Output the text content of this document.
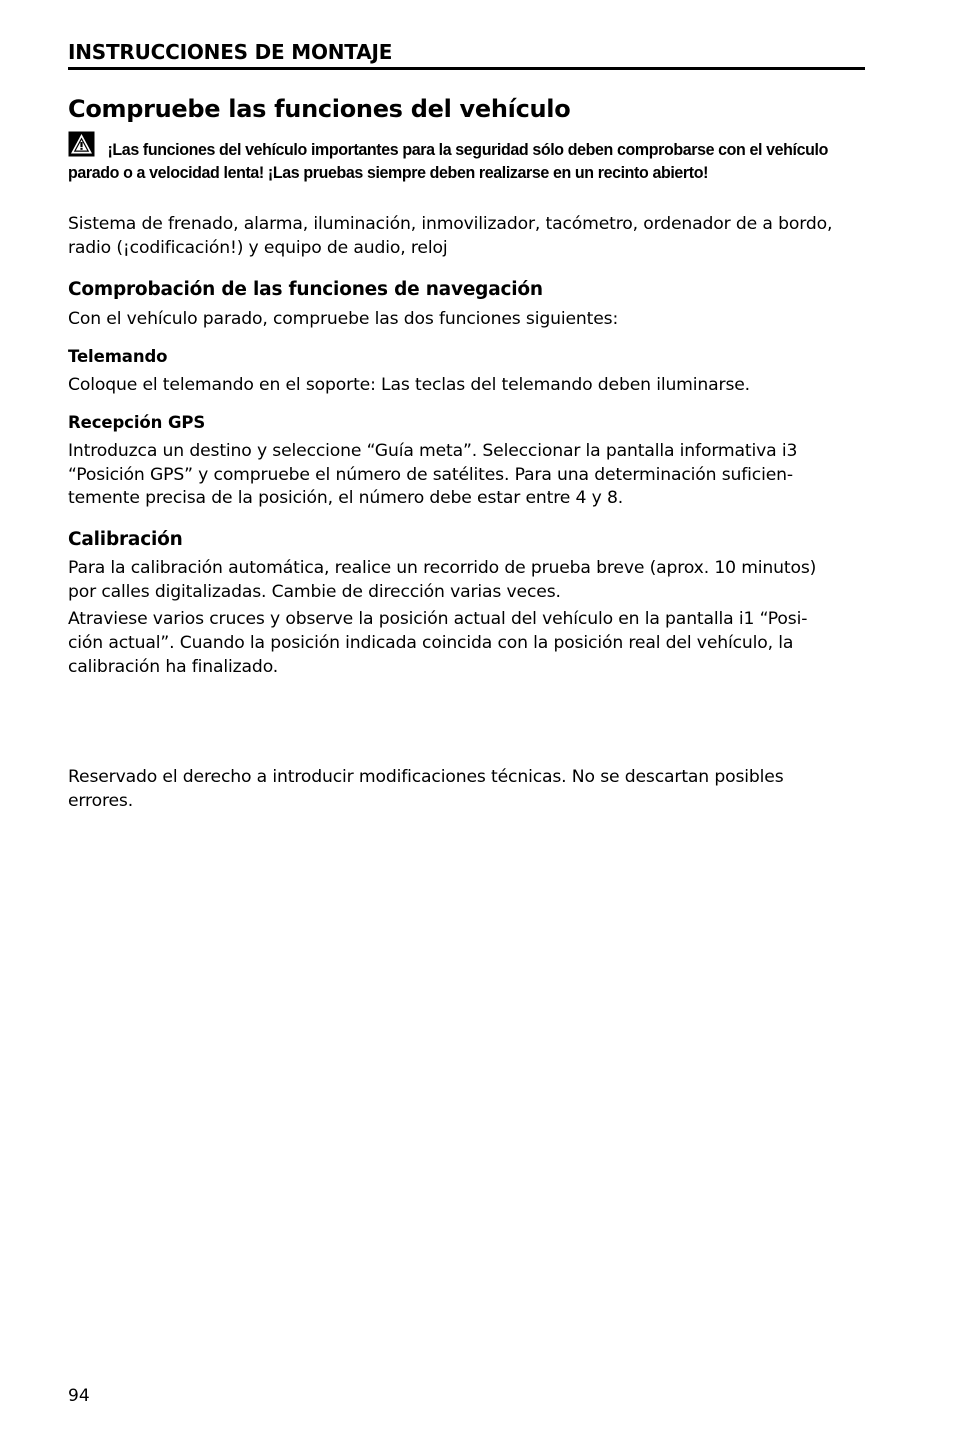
INSTRUCCIONES DE MONTAJE
Compruebe las funciones del vehículo

¡Las funciones del vehículo importantes para la seguridad sólo deben comprobarse con el vehículo parado o a velocidad lenta! ¡Las pruebas siempre deben realizarse en un recinto abierto!

Sistema de frenado, alarma, iluminación, inmovilizador, tacómetro, ordenador de a bordo, radio (¡codificación!) y equipo de audio, reloj

Comprobación de las funciones de navegación

Con el vehículo parado, compruebe las dos funciones siguientes:

Telemando

Coloque el telemando en el soporte: Las teclas del telemando deben iluminarse.

Recepción GPS

Introduzca un destino y seleccione “Guía meta”. Seleccionar la pantalla informativa i3

“Posición GPS” y compruebe el número de satélites. Para una determinación suficien-

temente precisa de la posición, el número debe estar entre 4 y 8.

Calibración

Para la calibración automática, realice un recorrido de prueba breve (aprox. 10 minutos)

por calles digitalizadas. Cambie de dirección varias veces.

Atraviese varios cruces y observe la posición actual del vehículo en la pantalla i1 “Posi-

ción actual”. Cuando la posición indicada coincida con la posición real del vehículo, la

calibración ha finalizado.

Reservado el derecho a introducir modificaciones técnicas. No se descartan posibles

errores.

94
